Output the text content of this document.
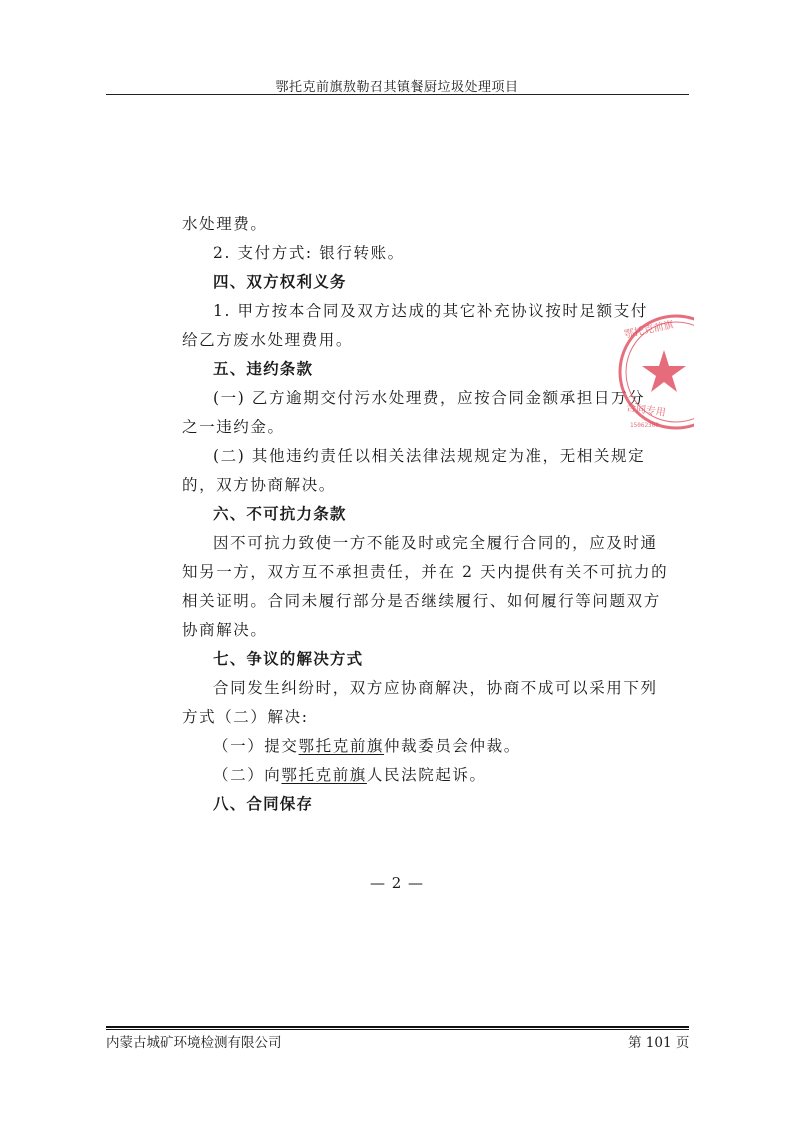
鄂托克前旗敖勒召其镇餐厨垃圾处理项目
水处理费。
2. 支付方式: 银行转账。
四、双方权利义务
1. 甲方按本合同及双方达成的其它补充协议按时足额支付
给乙方废水处理费用。
五、违约条款
(一) 乙方逾期交付污水处理费，应按合同金额承担日万分
之一违约金。
(二) 其他违约责任以相关法律法规规定为准，无相关规定
的，双方协商解决。
六、不可抗力条款
因不可抗力致使一方不能及时或完全履行合同的，应及时通
知另一方，双方互不承担责任，并在 2 天内提供有关不可抗力的
相关证明。合同未履行部分是否继续履行、如何履行等问题双方
协商解决。
七、争议的解决方式
合同发生纠纷时，双方应协商解决，协商不成可以采用下列
方式（二）解决:
（一）提交鄂托克前旗仲裁委员会仲裁。
（二）向鄂托克前旗人民法院起诉。
八、合同保存
鄂托克前旗
合同专用
15062300
— 2 —
内蒙古城矿环境检测有限公司	第 101 页
